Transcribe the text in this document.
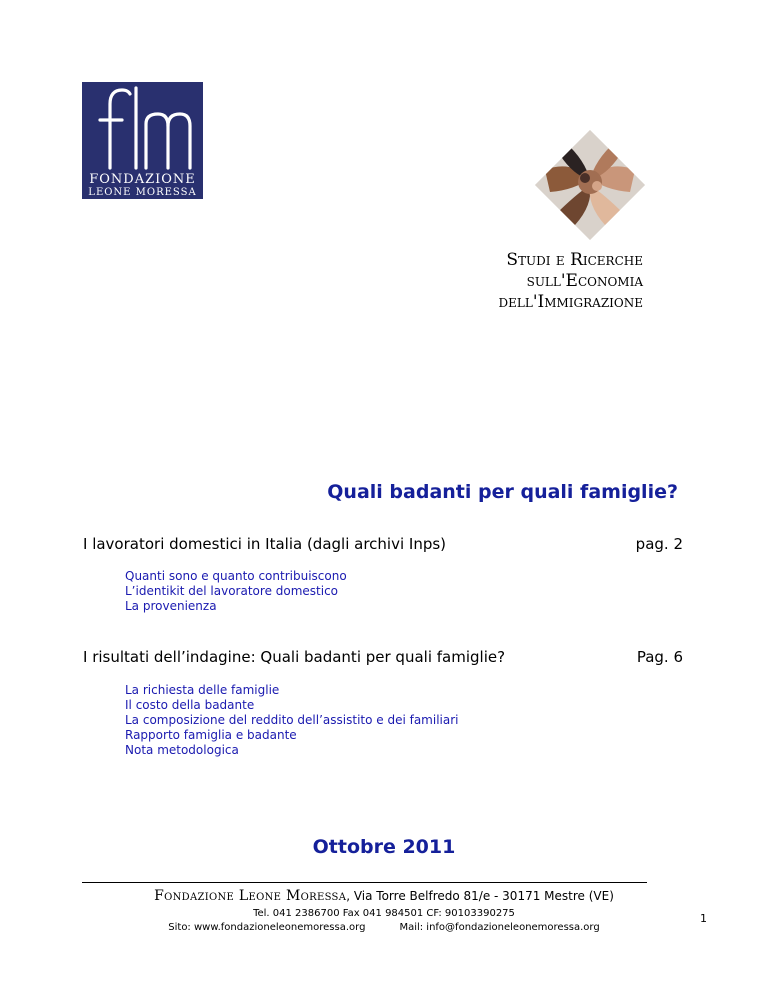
FONDAZIONE
LEONE MORESSA
Studi e Ricerche
sull'Economia
dell'Immigrazione
Quali badanti per quali famiglie?
I lavoratori domestici in Italia (dagli archivi Inps)	pag. 2
Quanti sono e quanto contribuiscono
L’identikit del lavoratore domestico
La provenienza
I risultati dell’indagine: Quali badanti per quali famiglie?	Pag. 6
La richiesta delle famiglie
Il costo della badante
La composizione del reddito dell’assistito e dei familiari
Rapporto famiglia e badante
Nota metodologica
Ottobre 2011
Fondazione Leone Moressa, Via Torre Belfredo 81/e - 30171 Mestre (VE)
Tel. 041 2386700 Fax 041 984501 CF: 90103390275
Sito: www.fondazioneleonemoressa.org	Mail: info@fondazioneleonemoressa.org
1
